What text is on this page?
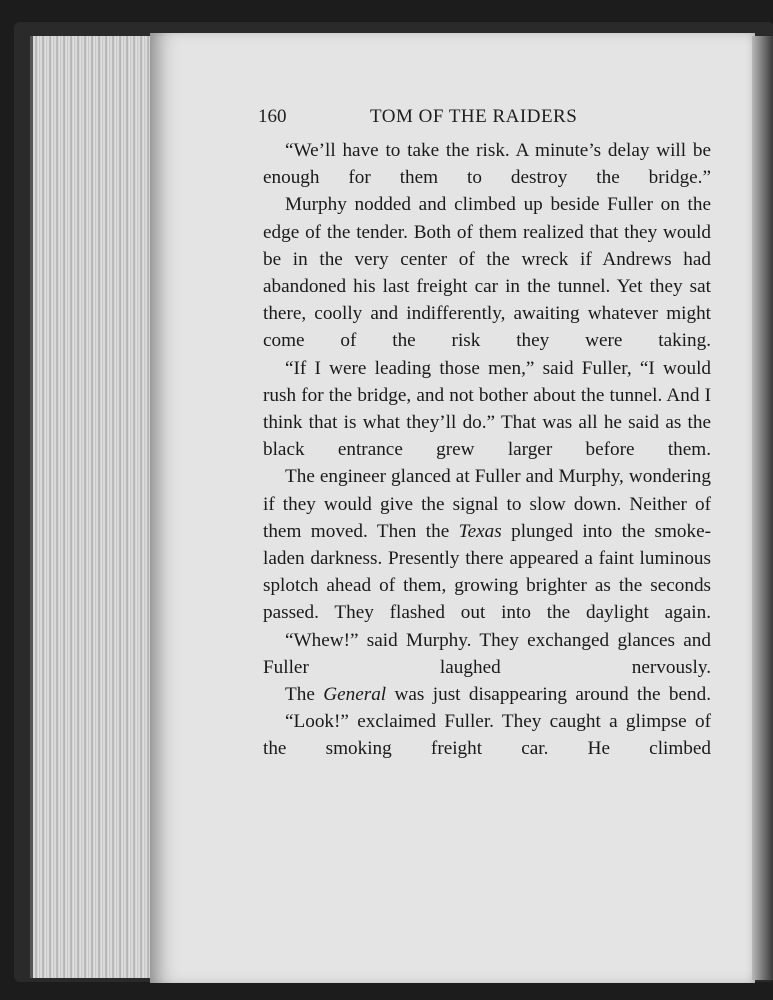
160	TOM OF THE RAIDERS

“We’ll have to take the risk. A minute’s delay will be enough for them to destroy the bridge.”

Murphy nodded and climbed up beside Fuller on the edge of the tender. Both of them realized that they would be in the very center of the wreck if Andrews had abandoned his last freight car in the tunnel. Yet they sat there, coolly and indifferently, awaiting whatever might come of the risk they were taking.

“If I were leading those men,” said Fuller, “I would rush for the bridge, and not bother about the tunnel. And I think that is what they’ll do.” That was all he said as the black entrance grew larger before them.

The engineer glanced at Fuller and Murphy, wondering if they would give the signal to slow down. Neither of them moved. Then the Texas plunged into the smoke-laden darkness. Presently there appeared a faint luminous splotch ahead of them, growing brighter as the seconds passed. They flashed out into the daylight again.

“Whew!” said Murphy. They exchanged glances and Fuller laughed nervously.

The General was just disappearing around the bend.

“Look!” exclaimed Fuller. They caught a glimpse of the smoking freight car. He climbed
